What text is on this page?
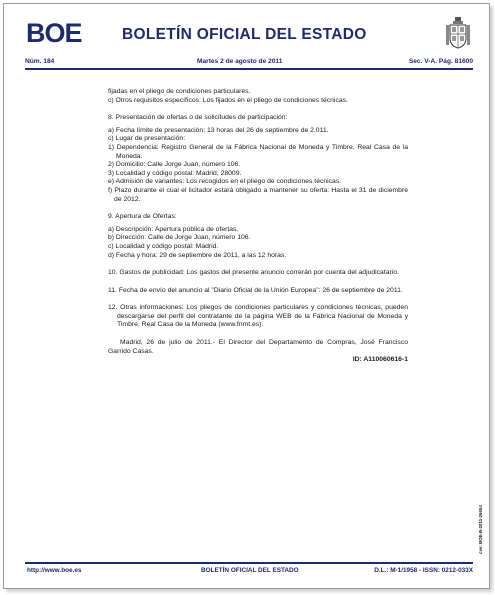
BOE	BOLETÍN OFICIAL DEL ESTADO
Núm. 184	Martes 2 de agosto de 2011	Sec. V-A. Pág. 81600

fijadas en el pliego de condiciones particulares.

c) Otros requisitos específicos: Los fijados en el pliego de condiciones técnicas.

8. Presentación de ofertas o de solicitudes de participación:

a) Fecha límite de presentación: 13 horas del 26 de septiembre de 2.011.

c) Lugar de presentación:

1) Dependencia: Registro General de la Fábrica Nacional de Moneda y Timbre, Real Casa de la Moneda.

2) Domicilio: Calle Jorge Juan, número 106.

3) Localidad y código postal: Madrid, 28009.

e) Admisión de variantes: Los recogidos en el pliego de condiciones técnicas.

f) Plazo durante el cual el licitador estará obligado a mantener su oferta: Hasta el 31 de diciembre de 2012.

9. Apertura de Ofertas:

a) Descripción: Apertura pública de ofertas.

b) Dirección: Calle de Jorge Juan, número 106.

c) Localidad y código postal: Madrid.

d) Fecha y hora: 29 de septiembre de 2011, a las 12 horas.

10. Gastos de publicidad: Los gastos del presente anuncio correrán por cuenta del adjudicatario.

11. Fecha de envío del anuncio al "Diario Oficial de la Unión Europea": 26 de septiembre de 2011.

12. Otras informaciones: Los pliegos de condiciones particulares y condiciones técnicas, pueden descargarse del perfil del contratante de la página WEB de la Fábrica Nacional de Moneda y Timbre, Real Casa de la Moneda (www.fnmt.es).

Madrid, 26 de julio de 2011.- El Director del Departamento de Compras, José Francisco Garrido Casas.

ID: A110060616-1

cve: BOE-B-2011-26654
http://www.boe.es	BOLETÍN OFICIAL DEL ESTADO	D.L.: M-1/1958 - ISSN: 0212-033X
